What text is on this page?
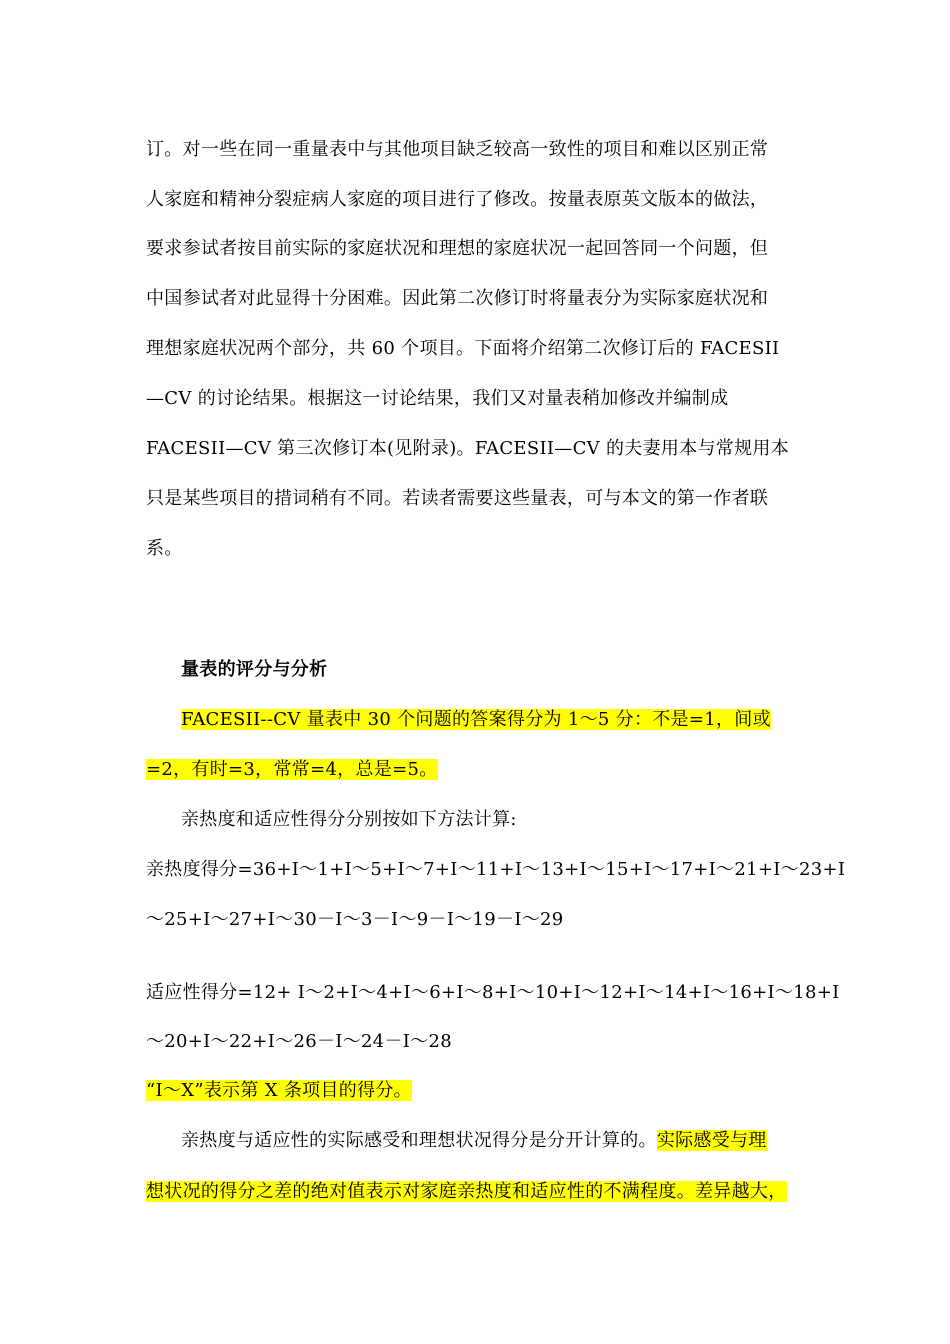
订。对一些在同一重量表中与其他项目缺乏较高一致性的项目和难以区别正常
人家庭和精神分裂症病人家庭的项目进行了修改。按量表原英文版本的做法，
要求参试者按目前实际的家庭状况和理想的家庭状况一起回答同一个问题，但
中国参试者对此显得十分困难。因此第二次修订时将量表分为实际家庭状况和
理想家庭状况两个部分，共 60 个项目。下面将介绍第二次修订后的 FACESII
—CV 的讨论结果。根据这一讨论结果，我们又对量表稍加修改并编制成
FACESII—CV 第三次修订本(见附录)。FACESII—CV 的夫妻用本与常规用本
只是某些项目的措词稍有不同。若读者需要这些量表，可与本文的第一作者联
系。
量表的评分与分析
FACESII--CV 量表中 30 个问题的答案得分为 1～5 分：不是=1，间或
=2，有时=3，常常=4，总是=5。
亲热度和适应性得分分别按如下方法计算:
亲热度得分=36+I～1+I～5+I～7+I～11+I～13+I～15+I～17+I～21+I～23+I
～25+I～27+I～30－I～3－I～9－I～19－I～29
适应性得分=12+ I～2+I～4+I～6+I～8+I～10+I～12+I～14+I～16+I～18+I
～20+I～22+I～26－I～24－I～28
“I～X”表示第 X 条项目的得分。
亲热度与适应性的实际感受和理想状况得分是分开计算的。实际感受与理
想状况的得分之差的绝对值表示对家庭亲热度和适应性的不满程度。差异越大，
